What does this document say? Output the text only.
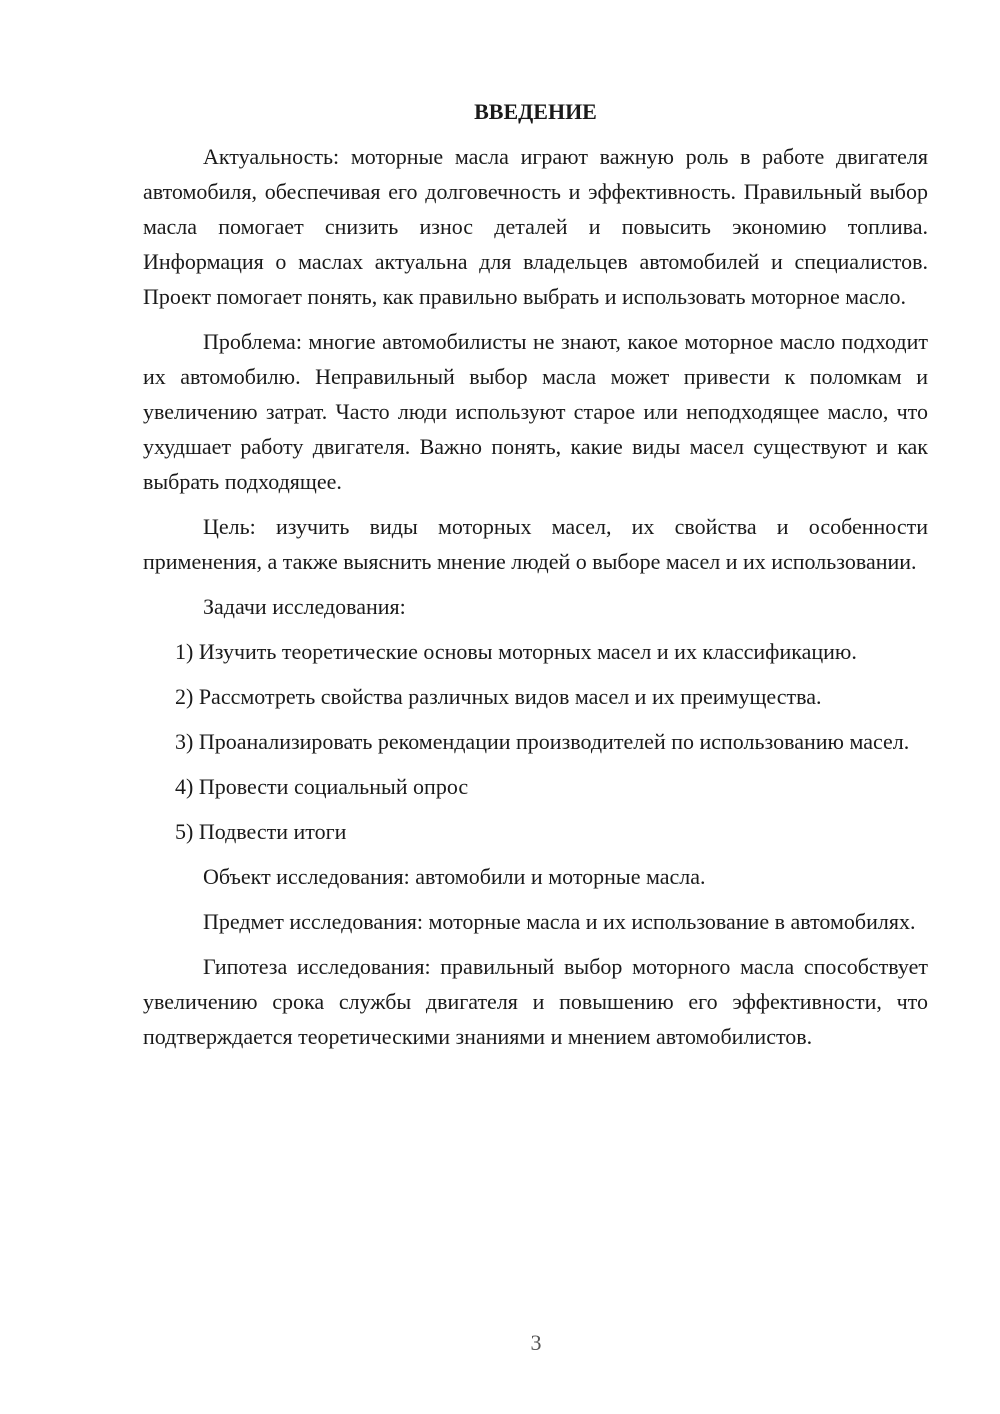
ВВЕДЕНИЕ

Актуальность: моторные масла играют важную роль в работе двигателя автомобиля, обеспечивая его долговечность и эффективность. Правильный выбор масла помогает снизить износ деталей и повысить экономию топлива. Информация о маслах актуальна для владельцев автомобилей и специалистов. Проект помогает понять, как правильно выбрать и использовать моторное масло.

Проблема: многие автомобилисты не знают, какое моторное масло подходит их автомобилю. Неправильный выбор масла может привести к поломкам и увеличению затрат. Часто люди используют старое или неподходящее масло, что ухудшает работу двигателя. Важно понять, какие виды масел существуют и как выбрать подходящее.

Цель: изучить виды моторных масел, их свойства и особенности применения, а также выяснить мнение людей о выборе масел и их использовании.

Задачи исследования:

1) Изучить теоретические основы моторных масел и их классификацию.

2) Рассмотреть свойства различных видов масел и их преимущества.

3) Проанализировать рекомендации производителей по использованию масел.

4) Провести социальный опрос

5) Подвести итоги

Объект исследования: автомобили и моторные масла.

Предмет исследования: моторные масла и их использование в автомобилях.

Гипотеза исследования: правильный выбор моторного масла способствует увеличению срока службы двигателя и повышению его эффективности, что подтверждается теоретическими знаниями и мнением автомобилистов.

3
